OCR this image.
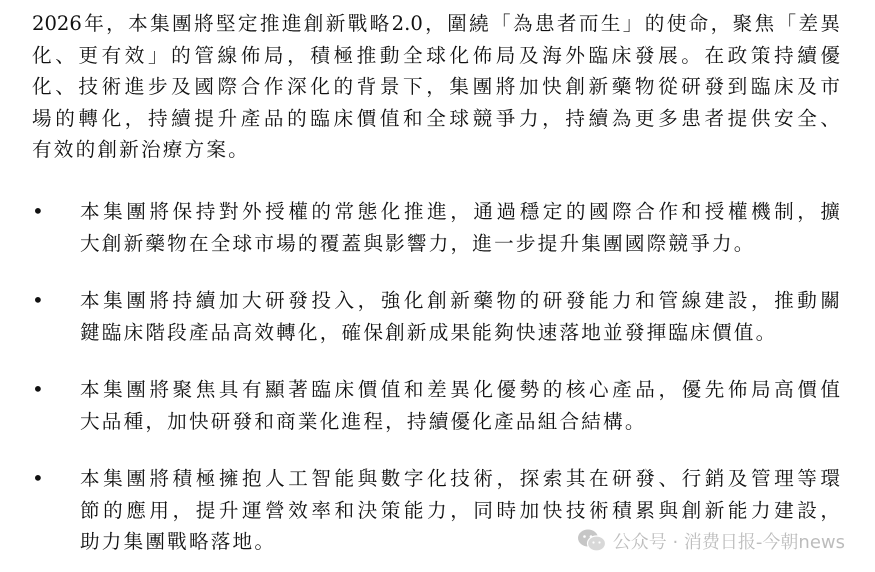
2026年，本集團將堅定推進創新戰略2.0，圍繞「為患者而生」的使命，聚焦「差異
化、更有效」的管線佈局，積極推動全球化佈局及海外臨床發展。在政策持續優
化、技術進步及國際合作深化的背景下，集團將加快創新藥物從研發到臨床及市
場的轉化，持續提升產品的臨床價值和全球競爭力，持續為更多患者提供安全、
有效的創新治療方案。
•	本集團將保持對外授權的常態化推進，通過穩定的國際合作和授權機制，擴
大創新藥物在全球市場的覆蓋與影響力，進一步提升集團國際競爭力。
•	本集團將持續加大研發投入，強化創新藥物的研發能力和管線建設，推動關
鍵臨床階段產品高效轉化，確保創新成果能夠快速落地並發揮臨床價值。
•	本集團將聚焦具有顯著臨床價值和差異化優勢的核心產品，優先佈局高價值
大品種，加快研發和商業化進程，持續優化產品組合結構。
•	本集團將積極擁抱人工智能與數字化技術，探索其在研發、行銷及管理等環
節的應用，提升運營效率和決策能力，同時加快技術積累與創新能力建設，
助力集團戰略落地。	公众号 · 消费日报-今朝news
